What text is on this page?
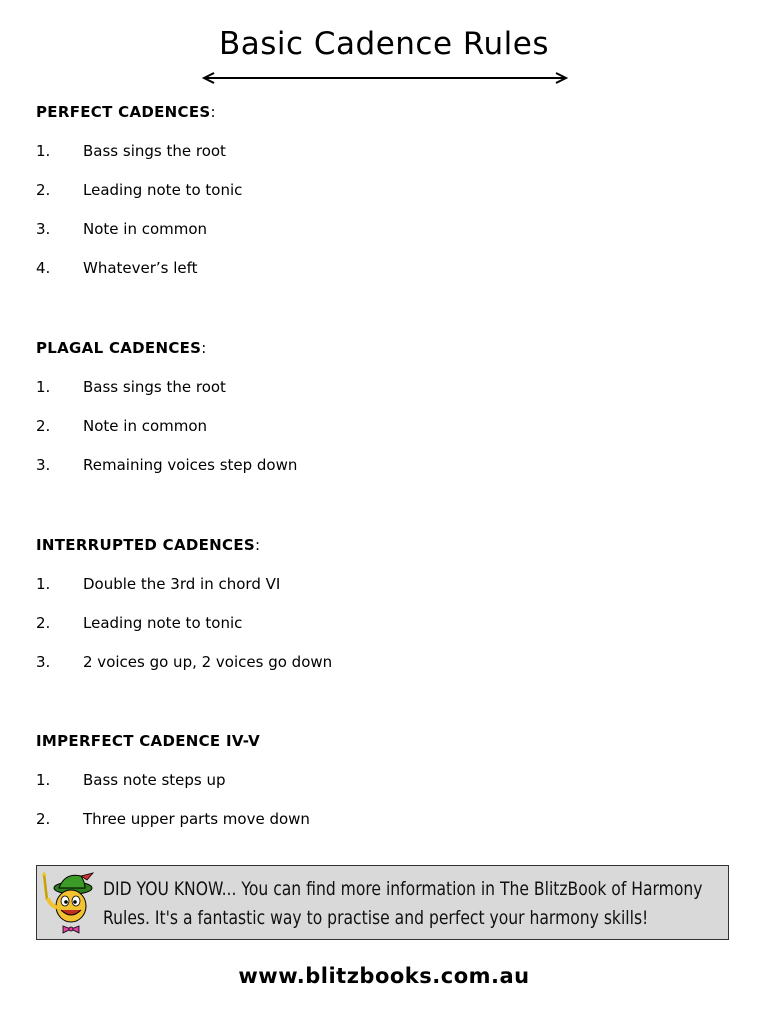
Basic Cadence Rules
PERFECT CADENCES:
1.	Bass sings the root
2.	Leading note to tonic
3.	Note in common
4.	Whatever’s left
PLAGAL CADENCES:
1.	Bass sings the root
2.	Note in common
3.	Remaining voices step down
INTERRUPTED CADENCES:
1.	Double the 3rd in chord VI
2.	Leading note to tonic
3.	2 voices go up, 2 voices go down
IMPERFECT CADENCE IV-V
1.	Bass note steps up
2.	Three upper parts move down
DID YOU KNOW... You can find more information in The BlitzBook of Harmony Rules. It's a fantastic way to practise and perfect your harmony skills!
www.blitzbooks.com.au
